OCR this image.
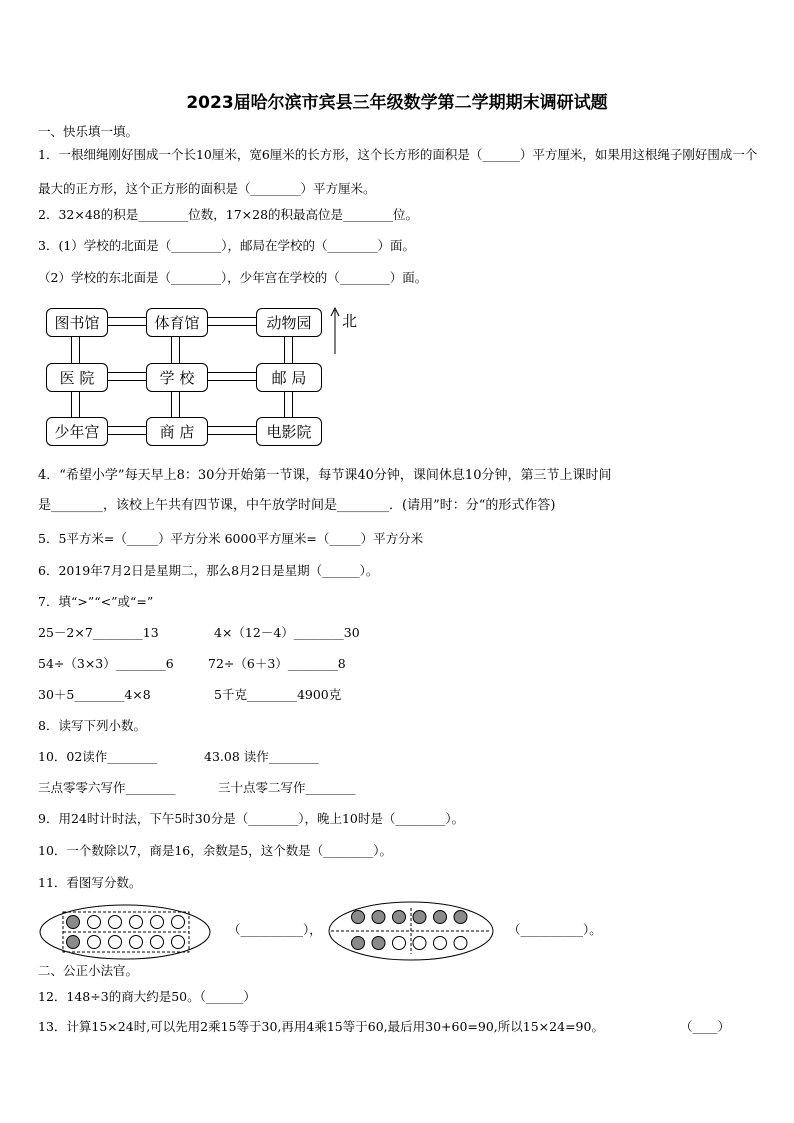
2023届哈尔滨市宾县三年级数学第二学期期末调研试题
一、快乐填一填。
1．一根细绳刚好围成一个长10厘米，宽6厘米的长方形，这个长方形的面积是（______）平方厘米，如果用这根绳子刚好围成一个最大的正方形，这个正方形的面积是（________）平方厘米。
2．32×48的积是________位数，17×28的积最高位是________位。
3．(1）学校的北面是（________），邮局在学校的（________）面。
（2）学校的东北面是（________），少年宫在学校的（________）面。
图书馆	体育馆	动物园
医 院	学 校	邮 局
少年宫	商 店	电影院
北
4．“希望小学”每天早上8：30分开始第一节课，每节课40分钟，课间休息10分钟，第三节上课时间
是________，该校上午共有四节课，中午放学时间是________．(请用”时：分“的形式作答)
5．5平方米=（_____）平方分米 6000平方厘米=（_____）平方分米
6．2019年7月2日是星期二，那么8月2日是星期（______）。
7．填“>”“<”或“=”
25－2×7________13	4×（12－4）________30
54÷（3×3）________6	72÷（6＋3）________8
30＋5________4×8	5千克________4900克
8．读写下列小数。
10．02读作________	43.08 读作________
三点零零六写作________	三十点零二写作________
9．用24时计时法，下午5时30分是（________），晚上10时是（________）。
10．一个数除以7，商是16，余数是5，这个数是（________）。
11．看图写分数。
（__________），	（__________）。
二、公正小法官。
12．148÷3的商大约是50。（______）
13．计算15×24时,可以先用2乘15等于30,再用4乘15等于60,最后用30+60=90,所以15×24=90。	（____）
